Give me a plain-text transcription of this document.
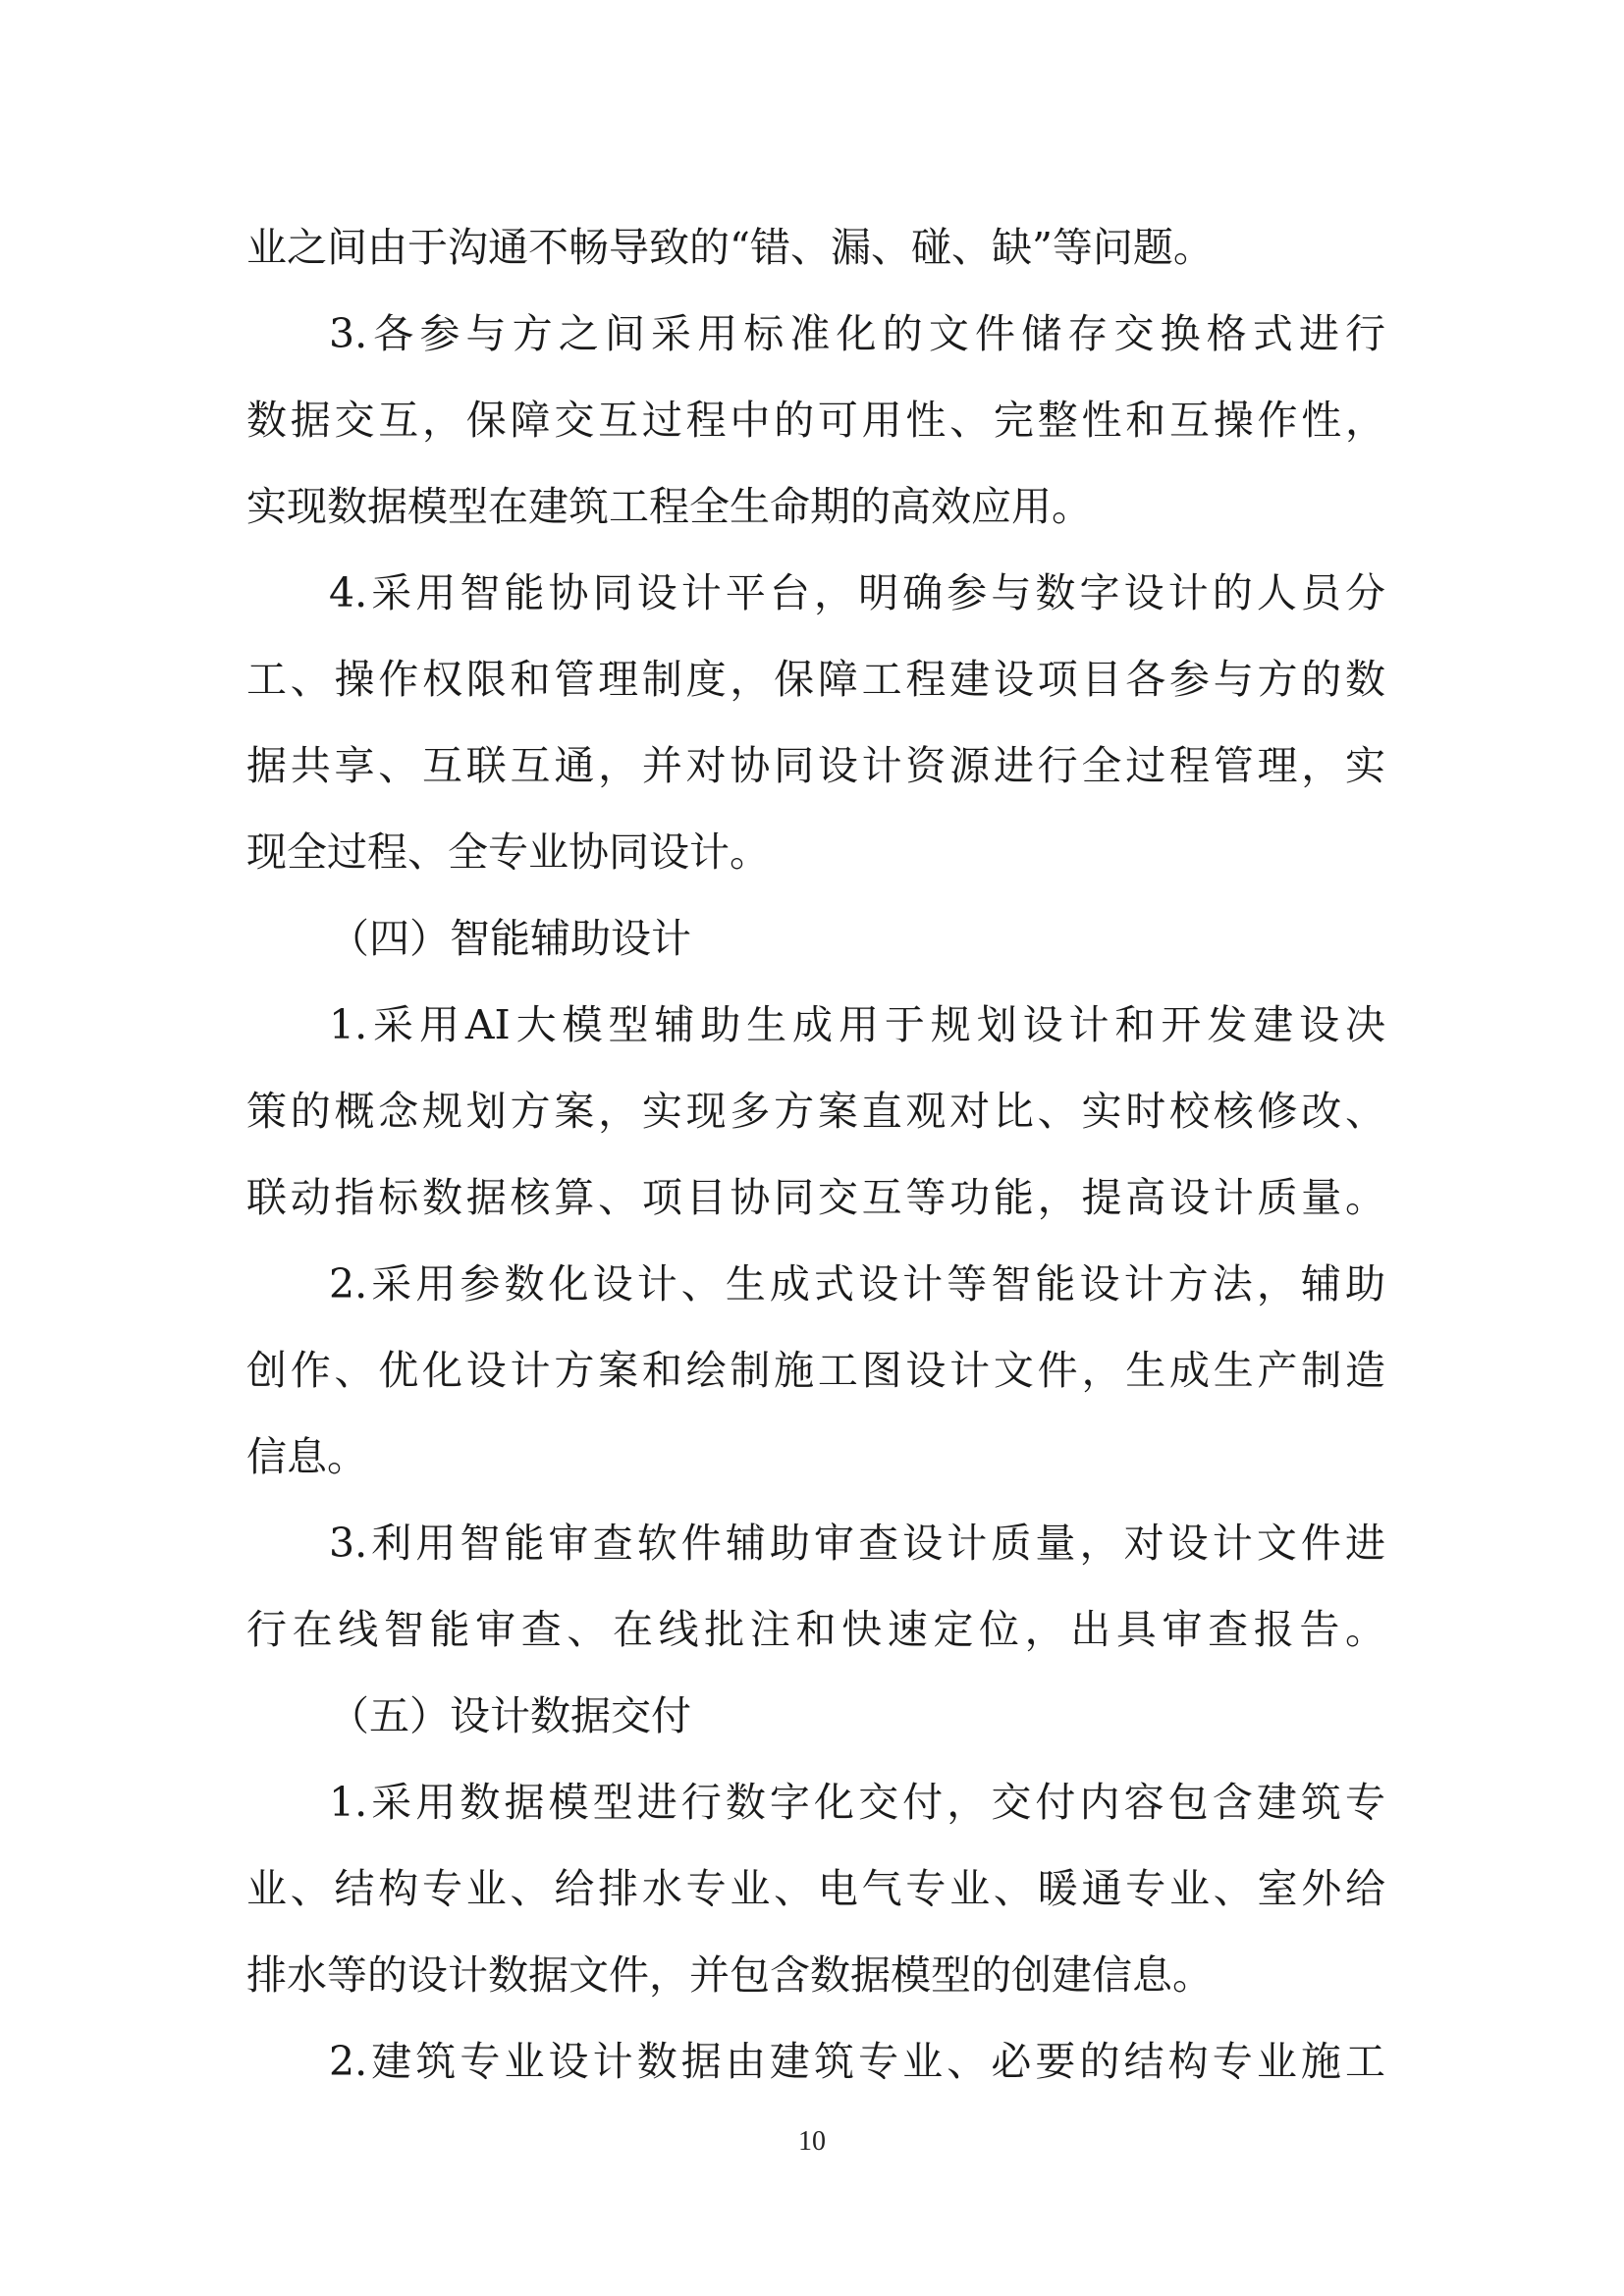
业之间由于沟通不畅导致的“错、漏、碰、缺”等问题。
3.各参与方之间采用标准化的文件储存交换格式进行
数据交互，保障交互过程中的可用性、完整性和互操作性，
实现数据模型在建筑工程全生命期的高效应用。
4.采用智能协同设计平台，明确参与数字设计的人员分
工、操作权限和管理制度，保障工程建设项目各参与方的数
据共享、互联互通，并对协同设计资源进行全过程管理，实
现全过程、全专业协同设计。
（四）智能辅助设计
1.采用AI大模型辅助生成用于规划设计和开发建设决
策的概念规划方案，实现多方案直观对比、实时校核修改、
联动指标数据核算、项目协同交互等功能，提高设计质量。
2.采用参数化设计、生成式设计等智能设计方法，辅助
创作、优化设计方案和绘制施工图设计文件，生成生产制造
信息。
3.利用智能审查软件辅助审查设计质量，对设计文件进
行在线智能审查、在线批注和快速定位，出具审查报告。
（五）设计数据交付
1.采用数据模型进行数字化交付，交付内容包含建筑专
业、结构专业、给排水专业、电气专业、暖通专业、室外给
排水等的设计数据文件，并包含数据模型的创建信息。
2.建筑专业设计数据由建筑专业、必要的结构专业施工
10
